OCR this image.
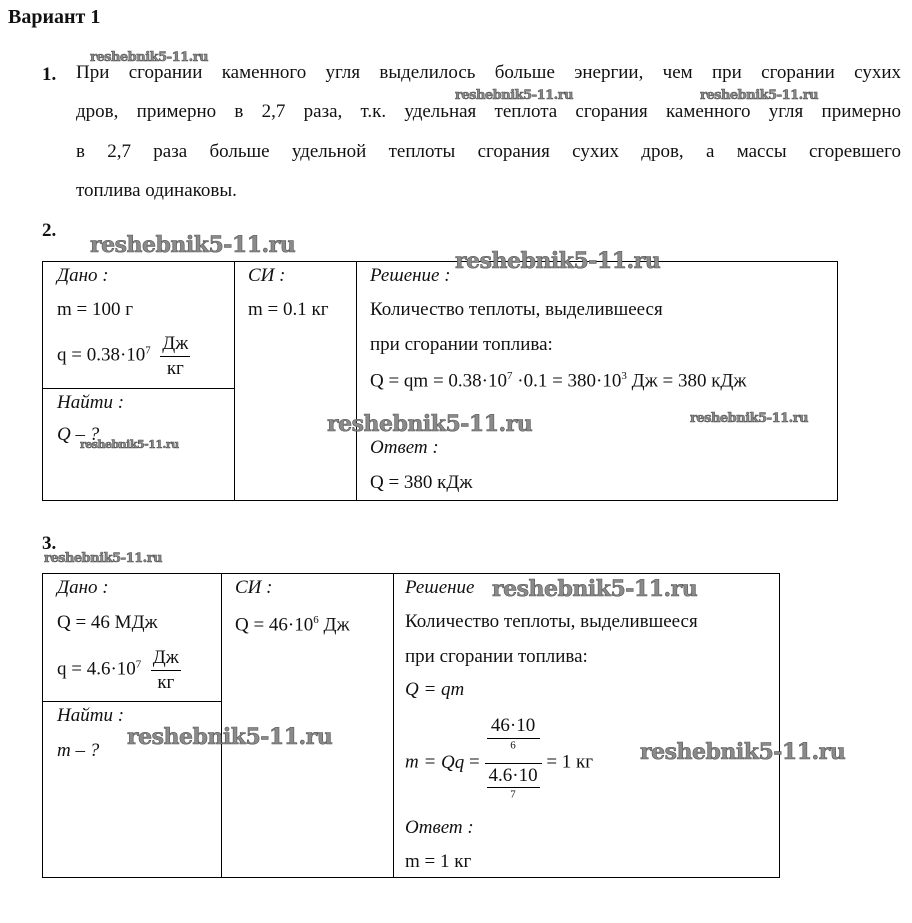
Вариант 1
1. При сгорании каменного угля выделилось больше энергии, чем при сгорании сухих
дров, примерно в 2,7 раза, т.к. удельная теплота сгорания каменного угля примерно
в 2,7 раза больше удельной теплоты сгорания сухих дров, а массы сгоревшего
топлива одинаковы.
2.
Дано :
m = 100 г
$q = 0.38\cdot 10^7 \frac{Дж}{кг}$
Найти :
Q – ?
СИ :
m = 0.1 кг
Решение :
Количество теплоты, выделившееся
при сгорании топлива:
Q = qm = $0.38\cdot 10^7 \cdot 0.1 = 380\cdot 10^3$ Дж = 380 кДж
Ответ :
Q = 380 кДж
3.
Дано :
Q = 46 МДж
$q = 4.6\cdot 10^7 \frac{Дж}{кг}$
Найти :
m – ?
СИ :
$Q = 46\cdot 10^6$ Дж
Решение
Количество теплоты, выделившееся
при сгорании топлива:
Q = qm
m = Qq = 46·10
$^6$
4.6·10
$^7$ = 1 кг
Ответ :
m = 1 кг
reshebnik5-11.ru
reshebnik5-11.ru	reshebnik5-11.ru
reshebnik5-11.ru
reshebnik5-11.ru
reshebnik5-11.ru	reshebnik5-11.ru
reshebnik5-11.ru
reshebnik5-11.ru
reshebnik5-11.ru
reshebnik5-11.ru
reshebnik5-11.ru
